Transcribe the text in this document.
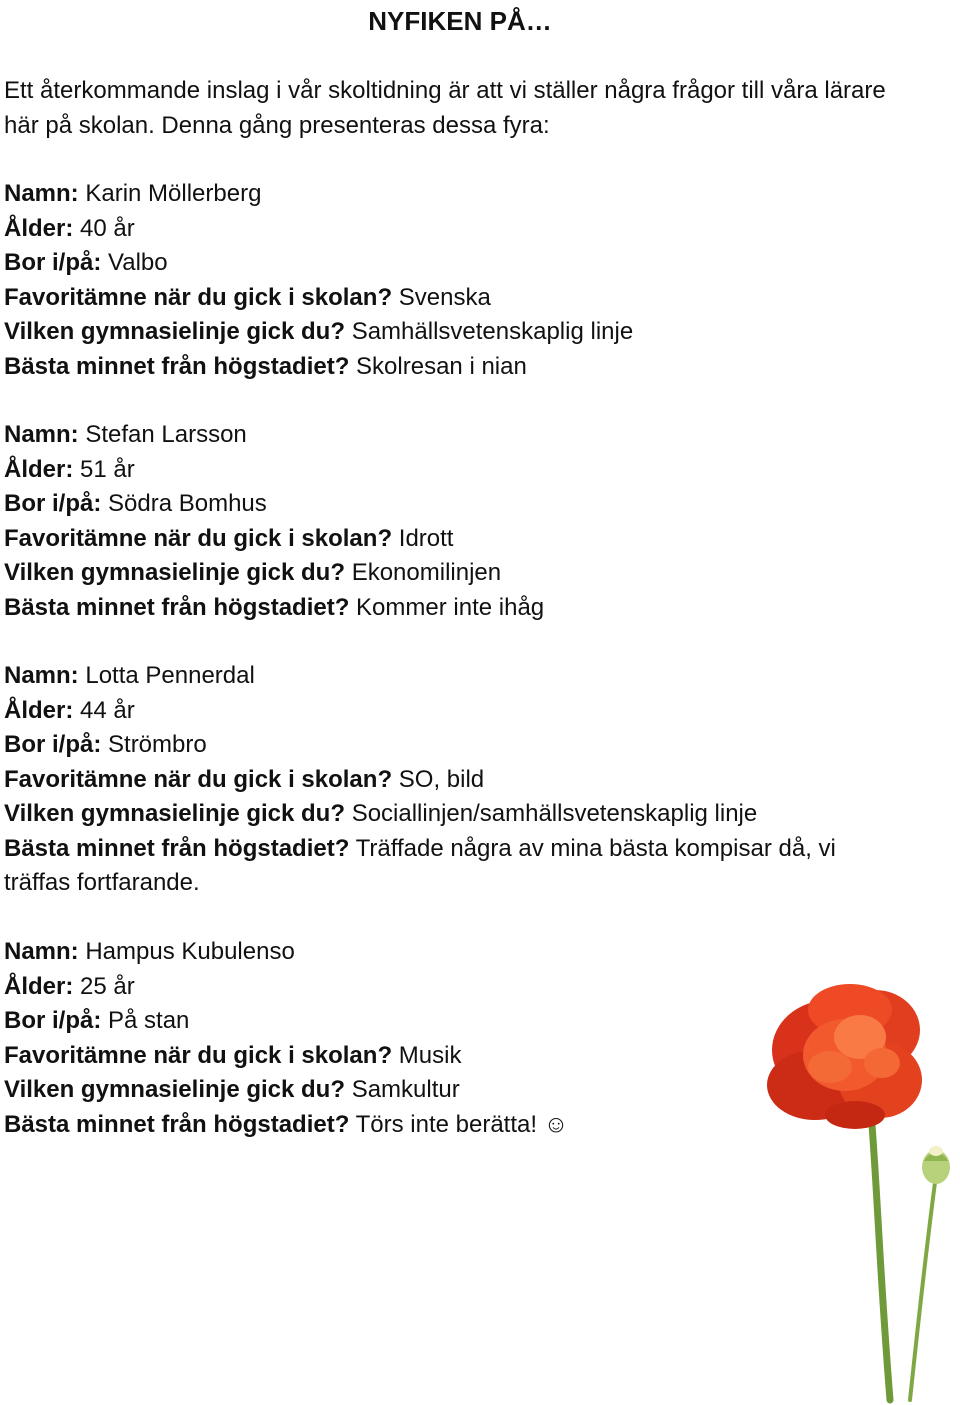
NYFIKEN PÅ…
Ett återkommande inslag i vår skoltidning är att vi ställer några frågor till våra lärare här på skolan. Denna gång presenteras dessa fyra:
Namn: Karin Möllerberg
Ålder: 40 år
Bor i/på: Valbo
Favoritämne när du gick i skolan? Svenska
Vilken gymnasielinje gick du? Samhällsvetenskaplig linje
Bästa minnet från högstadiet? Skolresan i nian
Namn: Stefan Larsson
Ålder: 51 år
Bor i/på: Södra Bomhus
Favoritämne när du gick i skolan? Idrott
Vilken gymnasielinje gick du? Ekonomilinjen
Bästa minnet från högstadiet? Kommer inte ihåg
Namn: Lotta Pennerdal
Ålder: 44 år
Bor i/på: Strömbro
Favoritämne när du gick i skolan? SO, bild
Vilken gymnasielinje gick du? Sociallinjen/samhällsvetenskaplig linje
Bästa minnet från högstadiet? Träffade några av mina bästa kompisar då, vi träffas fortfarande.
Namn: Hampus Kubulenso
Ålder: 25 år
Bor i/på: På stan
Favoritämne när du gick i skolan? Musik
Vilken gymnasielinje gick du? Samkultur
Bästa minnet från högstadiet? Törs inte berätta! ☺
